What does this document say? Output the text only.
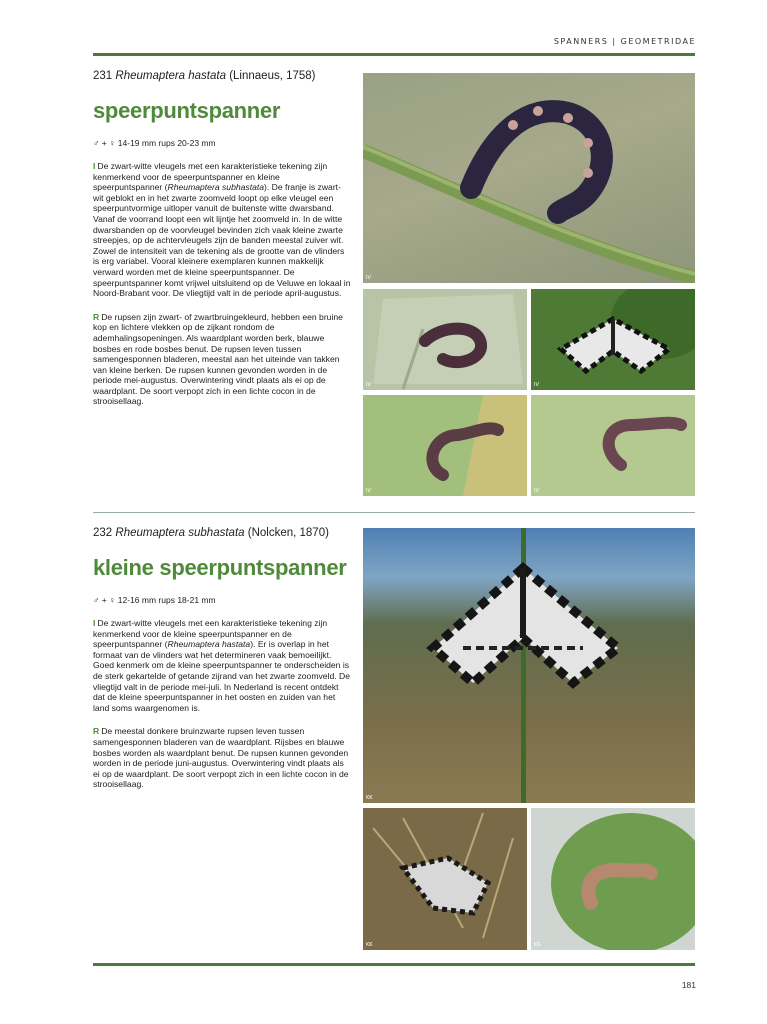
SPANNERS | GEOMETRIDAE

231 Rheumaptera hastata (Linnaeus, 1758)

speerpuntspanner

♂ + ♀ 14-19 mm rups 20-23 mm

I De zwart-witte vleugels met een karakteristieke tekening zijn kenmerkend voor de speerpuntspanner en kleine speerpuntspanner (Rheumaptera subhastata). De franje is zwart-wit geblokt en in het zwarte zoomveld loopt op elke vleugel een speerpuntvormige uitloper vanuit de buitenste witte dwarsband. Vanaf de voorrand loopt een wit lijntje het zoomveld in. In de witte dwarsbanden op de voorvleugel bevinden zich vaak kleine zwarte streepjes, op de achtervleugels zijn de banden meestal zuiver wit. Zowel de intensiteit van de tekening als de grootte van de vlinders is erg variabel. Vooral kleinere exemplaren kunnen makkelijk verward worden met de kleine speerpuntspanner. De speerpuntspanner komt vrijwel uitsluitend op de Veluwe en lokaal in Noord-Brabant voor. De vliegtijd valt in de periode april-augustus.

R De rupsen zijn zwart- of zwartbruingekleurd, hebben een bruine kop en lichtere vlekken op de zijkant rondom de ademhalingsopeningen. Als waardplant worden berk, blauwe bosbes en rode bosbes benut. De rupsen leven tussen samengesponnen bladeren, meestal aan het uiteinde van takken van kleine berken. De rupsen kunnen gevonden worden in de periode mei-augustus. Overwintering vindt plaats als ei op de waardplant. De soort verpopt zich in een lichte cocon in de strooisellaag.

IV
IV	IV
IV	IV

232 Rheumaptera subhastata (Nolcken, 1870)

kleine speerpuntspanner

♂ + ♀ 12-16 mm rups 18-21 mm

I De zwart-witte vleugels met een karakteristieke tekening zijn kenmerkend voor de kleine speerpuntspanner en de speerpuntspanner (Rheumaptera hastata). Er is overlap in het formaat van de vlinders wat het determineren vaak bemoeilijkt. Goed kenmerk om de kleine speerpuntspanner te onderscheiden is de sterk gekartelde of getande zijrand van het zwarte zoomveld. De vliegtijd valt in de periode mei-juli. In Nederland is recent ontdekt dat de kleine speerpuntspanner in het oosten en zuiden van het land soms waargenomen is.

R De meestal donkere bruinzwarte rupsen leven tussen samengesponnen bladeren van de waardplant. Rijsbes en blauwe bosbes worden als waardplant benut. De rupsen kunnen gevonden worden in de periode juni-augustus. Overwintering vindt plaats als ei op de waardplant. De soort verpopt zich in een lichte cocon in de strooisellaag.

KK
KK	KS
181
